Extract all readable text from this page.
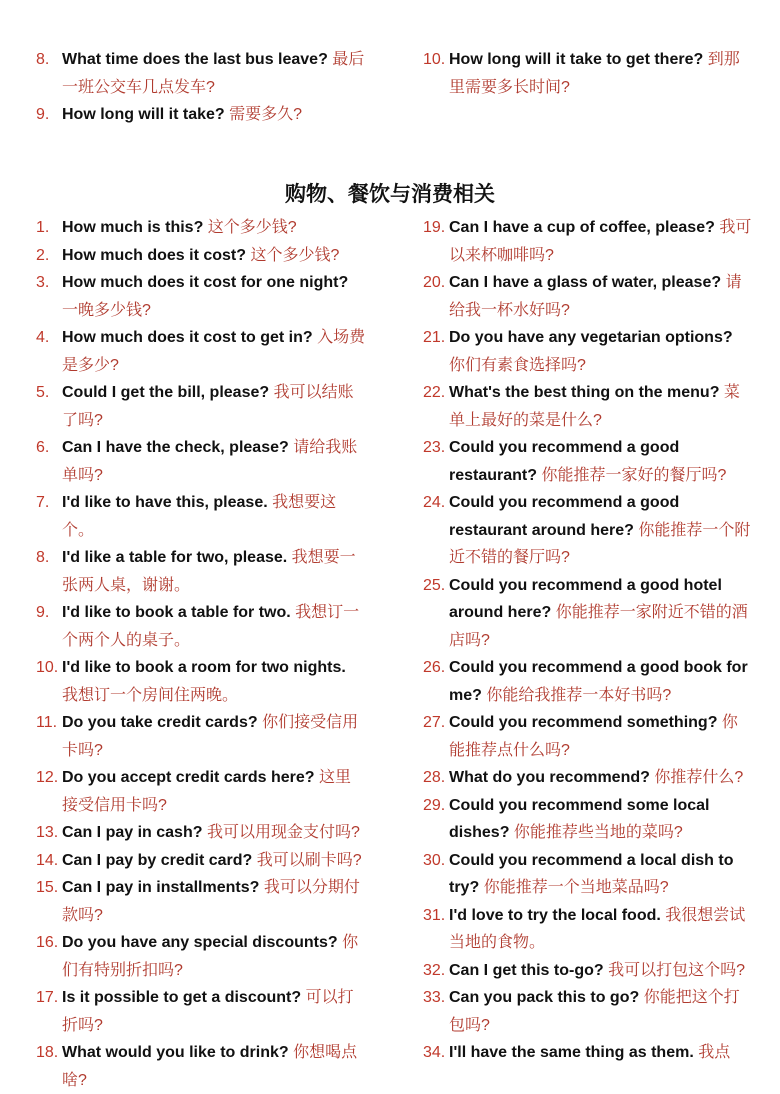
8. What time does the last bus leave? 最后一班公交车几点发车?
9. How long will it take? 需要多久?
10. How long will it take to get there? 到那里需要多长时间?
购物、餐饮与消费相关
1. How much is this? 这个多少钱?
2. How much does it cost? 这个多少钱?
3. How much does it cost for one night? 一晚多少钱?
4. How much does it cost to get in? 入场费是多少?
5. Could I get the bill, please? 我可以结账了吗?
6. Can I have the check, please? 请给我账单吗?
7. I'd like to have this, please. 我想要这个。
8. I'd like a table for two, please. 我想要一张两人桌，谢谢。
9. I'd like to book a table for two. 我想订一个两个人的桌子。
10. I'd like to book a room for two nights. 我想订一个房间住两晚。
11. Do you take credit cards? 你们接受信用卡吗?
12. Do you accept credit cards here? 这里接受信用卡吗?
13. Can I pay in cash? 我可以用现金支付吗?
14. Can I pay by credit card? 我可以刷卡吗?
15. Can I pay in installments? 我可以分期付款吗?
16. Do you have any special discounts? 你们有特别折扣吗?
17. Is it possible to get a discount? 可以打折吗?
18. What would you like to drink? 你想喝点啥?
19. Can I have a cup of coffee, please? 我可以来杯咖啡吗?
20. Can I have a glass of water, please? 请给我一杯水好吗?
21. Do you have any vegetarian options? 你们有素食选择吗?
22. What's the best thing on the menu? 菜单上最好的菜是什么?
23. Could you recommend a good restaurant? 你能推荐一家好的餐厅吗?
24. Could you recommend a good restaurant around here? 你能推荐一个附近不错的餐厅吗?
25. Could you recommend a good hotel around here? 你能推荐一家附近不错的酒店吗?
26. Could you recommend a good book for me? 你能给我推荐一本好书吗?
27. Could you recommend something? 你能推荐点什么吗?
28. What do you recommend? 你推荐什么?
29. Could you recommend some local dishes? 你能推荐些当地的菜吗?
30. Could you recommend a local dish to try? 你能推荐一个当地菜品吗?
31. I'd love to try the local food. 我很想尝试当地的食物。
32. Can I get this to-go? 我可以打包这个吗?
33. Can you pack this to go? 你能把这个打包吗?
34. I'll have the same thing as them. 我点
